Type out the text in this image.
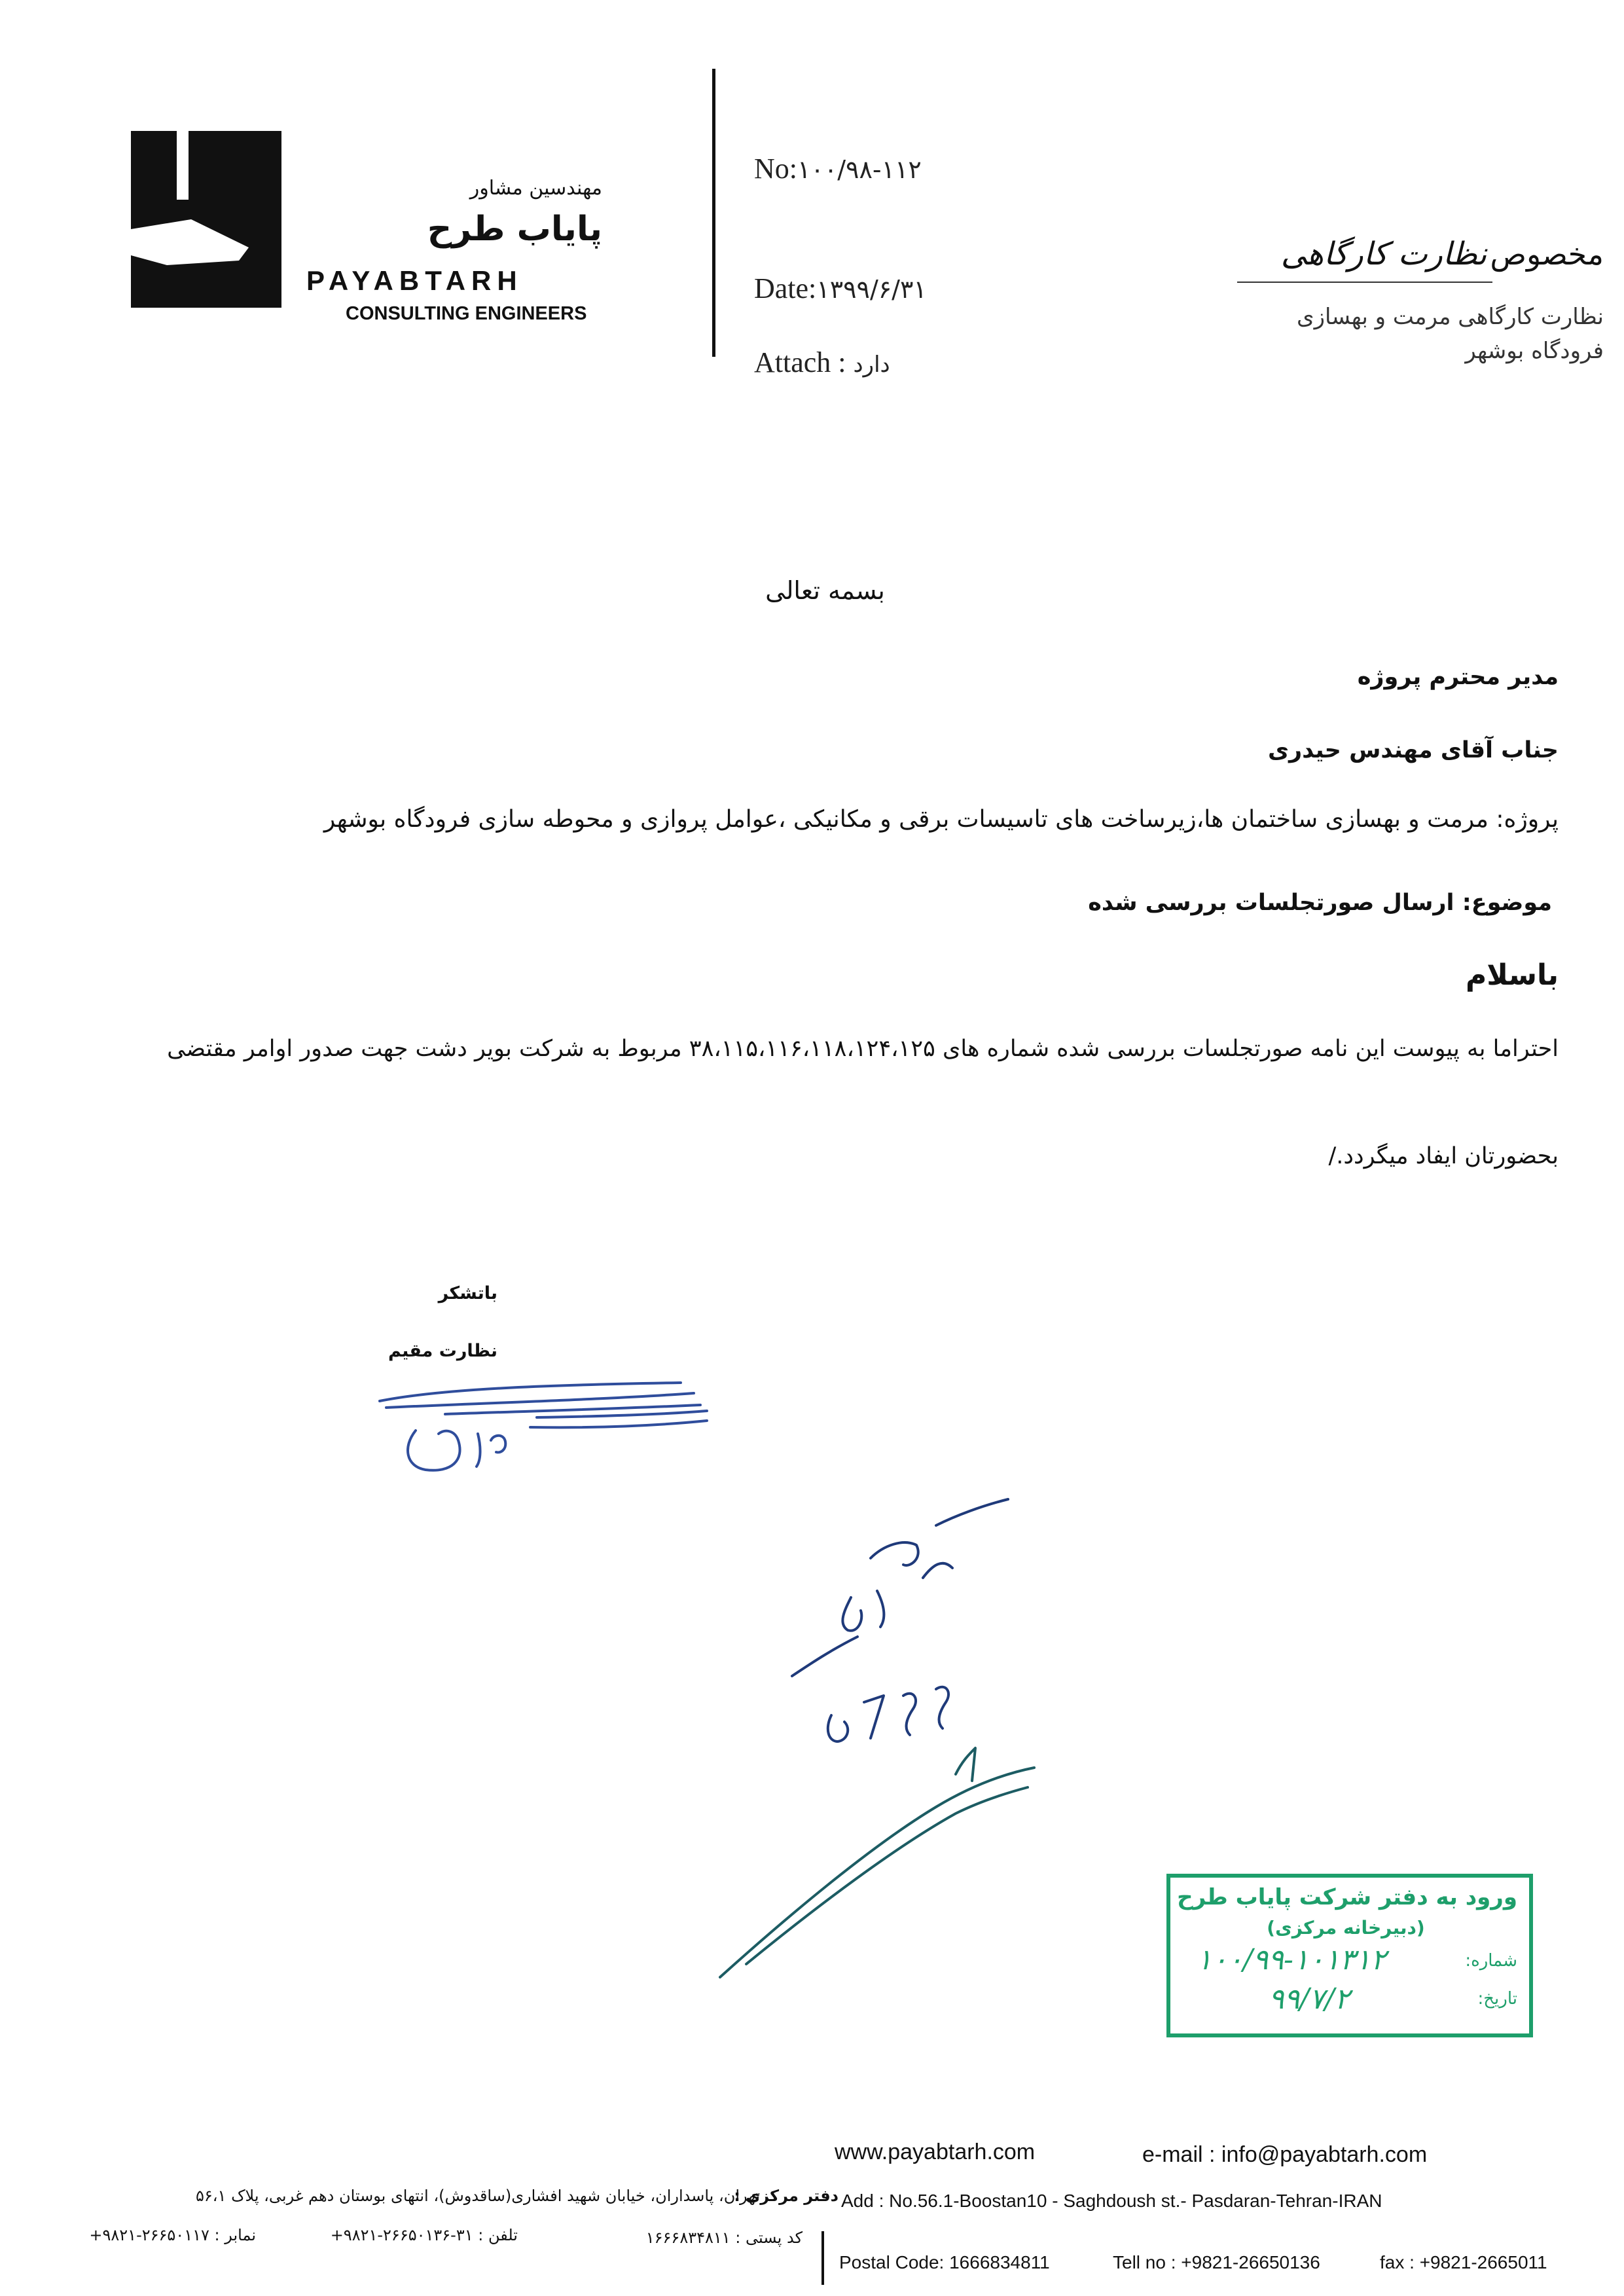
مهندسین مشاور
پایاب طرح
PAYABTARH
CONSULTING ENGINEERS
No:۱۰۰/۹۸-۱۱۲
Date:۱۳۹۹/۶/۳۱
Attach : دارد
مخصوص نظارت کارگاهی
نظارت کارگاهی مرمت و بهسازی
فرودگاه بوشهر
بسمه تعالی
مدیر محترم پروژه
جناب آقای مهندس حیدری
پروژه: مرمت و بهسازی ساختمان ها،زیرساخت های تاسیسات برقی و مکانیکی ،عوامل پروازی و محوطه سازی فرودگاه بوشهر
موضوع: ارسال صورتجلسات بررسی شده
باسلام
احتراما به پیوست این نامه صورتجلسات بررسی شده شماره های ۳۸،۱۱۵،۱۱۶،۱۱۸،۱۲۴،۱۲۵ مربوط به شرکت بویر دشت جهت صدور اوامر مقتضی
بحضورتان ایفاد میگردد./
باتشکر
نظارت مقیم
ورود به دفتر شرکت پایاب طرح
(دبیرخانه مرکزی)
شماره:
۱۰۰/۹۹-۱۰۱۳۱۲
تاریخ:
۹۹/۷/۲
www.payabtarh.com	e-mail : info@payabtarh.com
Add : No.56.1-Boostan10 - Saghdoush st.- Pasdaran-Tehran-IRAN
دفتر مرکزی :
تهران، پاسداران، خیابان شهید افشاری(ساقدوش)، انتهای بوستان دهم غربی، پلاک ۵۶،۱
کد پستی : ۱۶۶۶۸۳۴۸۱۱
تلفن : ۳۱-۲۶۶۵۰۱۳۶-۹۸۲۱+
نمابر : ۲۶۶۵۰۱۱۷-۹۸۲۱+
Postal Code: 1666834811	Tell no : +9821-26650136	fax : +9821-2665011
